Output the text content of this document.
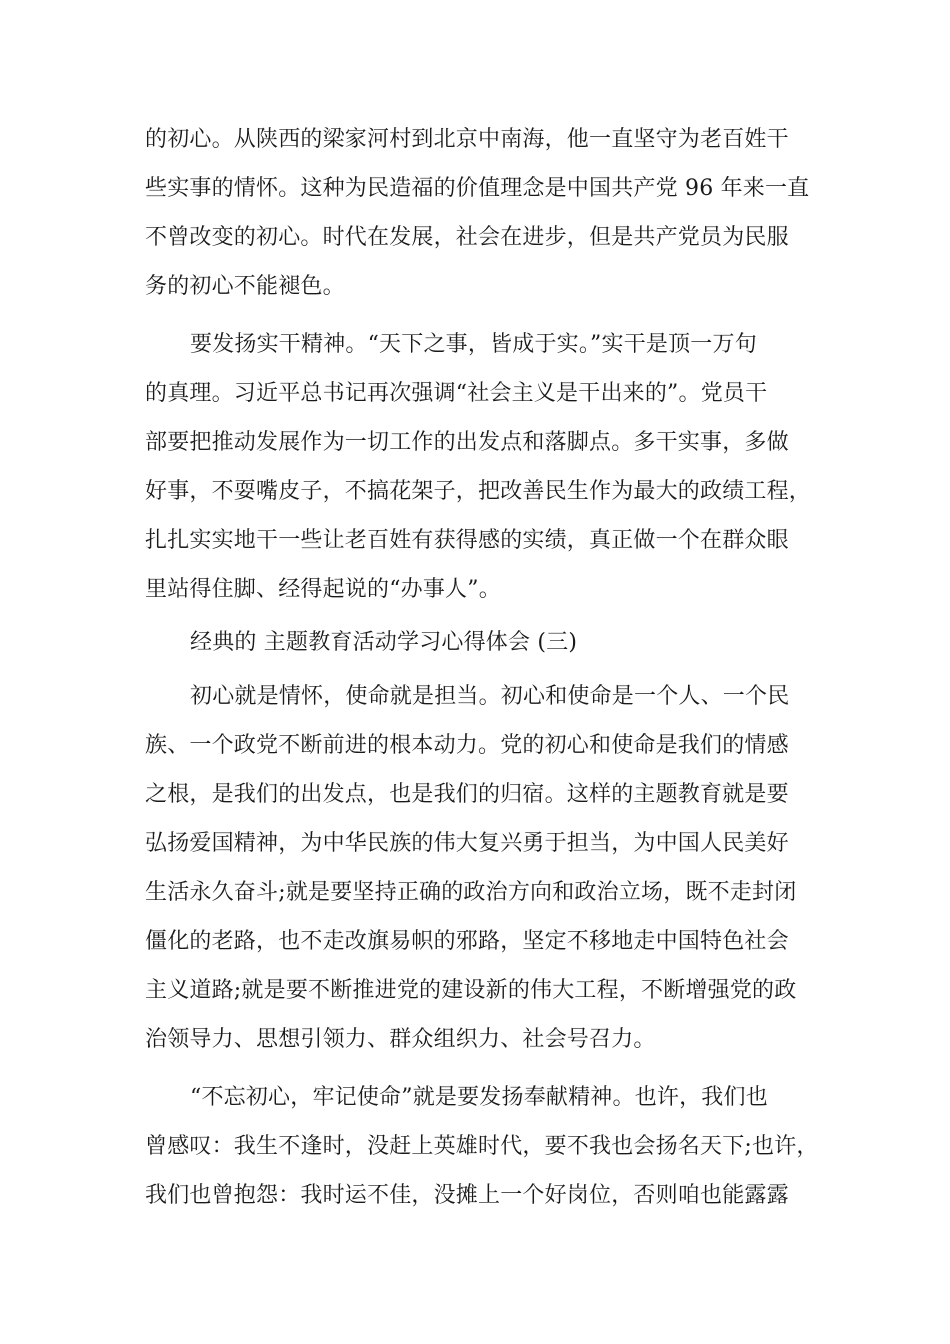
的初心。从陕西的梁家河村到北京中南海，他一直坚守为老百姓干
些实事的情怀。这种为民造福的价值理念是中国共产党 96 年来一直
不曾改变的初心。时代在发展，社会在进步，但是共产党员为民服
务的初心不能褪色。
要发扬实干精神。“天下之事，皆成于实。”实干是顶一万句
的真理。习近平总书记再次强调“社会主义是干出来的”。党员干
部要把推动发展作为一切工作的出发点和落脚点。多干实事，多做
好事，不耍嘴皮子，不搞花架子，把改善民生作为最大的政绩工程，
扎扎实实地干一些让老百姓有获得感的实绩，真正做一个在群众眼
里站得住脚、经得起说的“办事人”。
经典的 主题教育活动学习心得体会 (三)
初心就是情怀，使命就是担当。初心和使命是一个人、一个民
族、一个政党不断前进的根本动力。党的初心和使命是我们的情感
之根，是我们的出发点，也是我们的归宿。这样的主题教育就是要
弘扬爱国精神，为中华民族的伟大复兴勇于担当，为中国人民美好
生活永久奋斗;就是要坚持正确的政治方向和政治立场，既不走封闭
僵化的老路，也不走改旗易帜的邪路，坚定不移地走中国特色社会
主义道路;就是要不断推进党的建设新的伟大工程，不断增强党的政
治领导力、思想引领力、群众组织力、社会号召力。
“不忘初心，牢记使命”就是要发扬奉献精神。也许，我们也
曾感叹：我生不逢时，没赶上英雄时代，要不我也会扬名天下;也许，
我们也曾抱怨：我时运不佳，没摊上一个好岗位，否则咱也能露露
